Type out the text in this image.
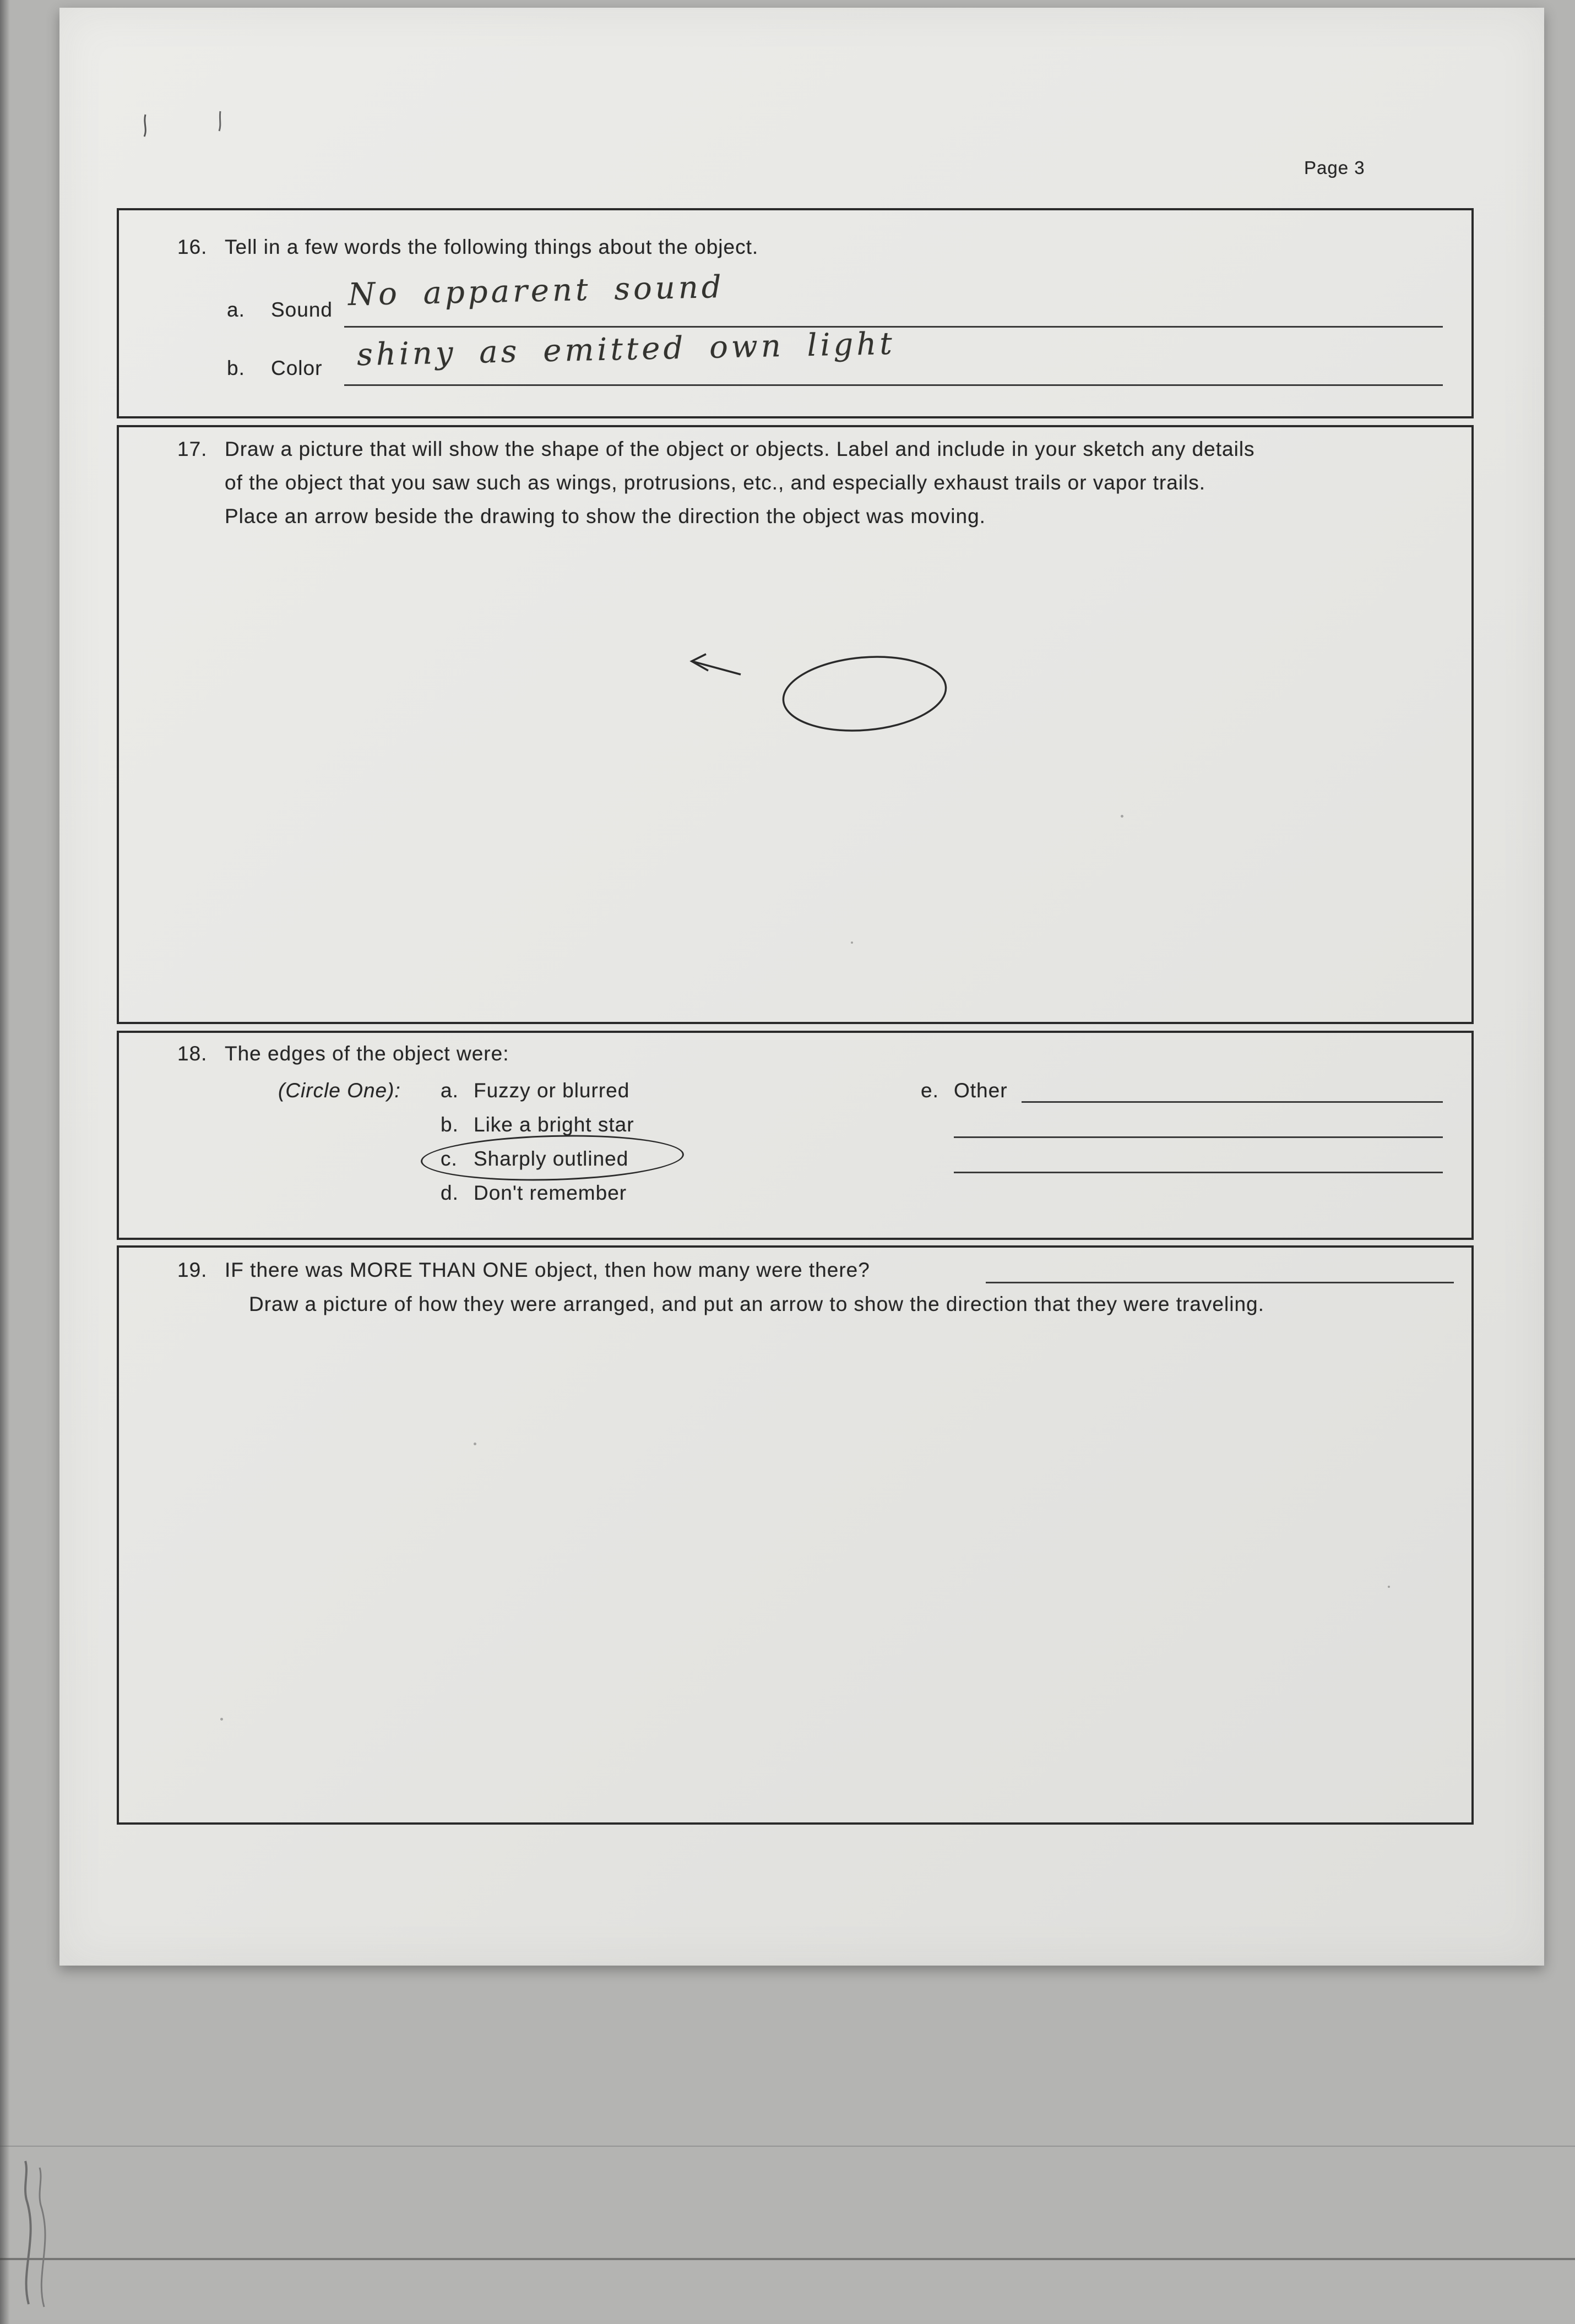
Page 3
16. Tell in a few words the following things about the object.
a. Sound No apparent sound
b. Color shiny as emitted own light
17. Draw a picture that will show the shape of the object or objects. Label and include in your sketch any details
of the object that you saw such as wings, protrusions, etc., and especially exhaust trails or vapor trails.
Place an arrow beside the drawing to show the direction the object was moving.
18. The edges of the object were:
(Circle One): a. Fuzzy or blurred
b. Like a bright star
c. Sharply outlined
d. Don't remember
e. Other
19. IF there was MORE THAN ONE object, then how many were there?
Draw a picture of how they were arranged, and put an arrow to show the direction that they were traveling.
